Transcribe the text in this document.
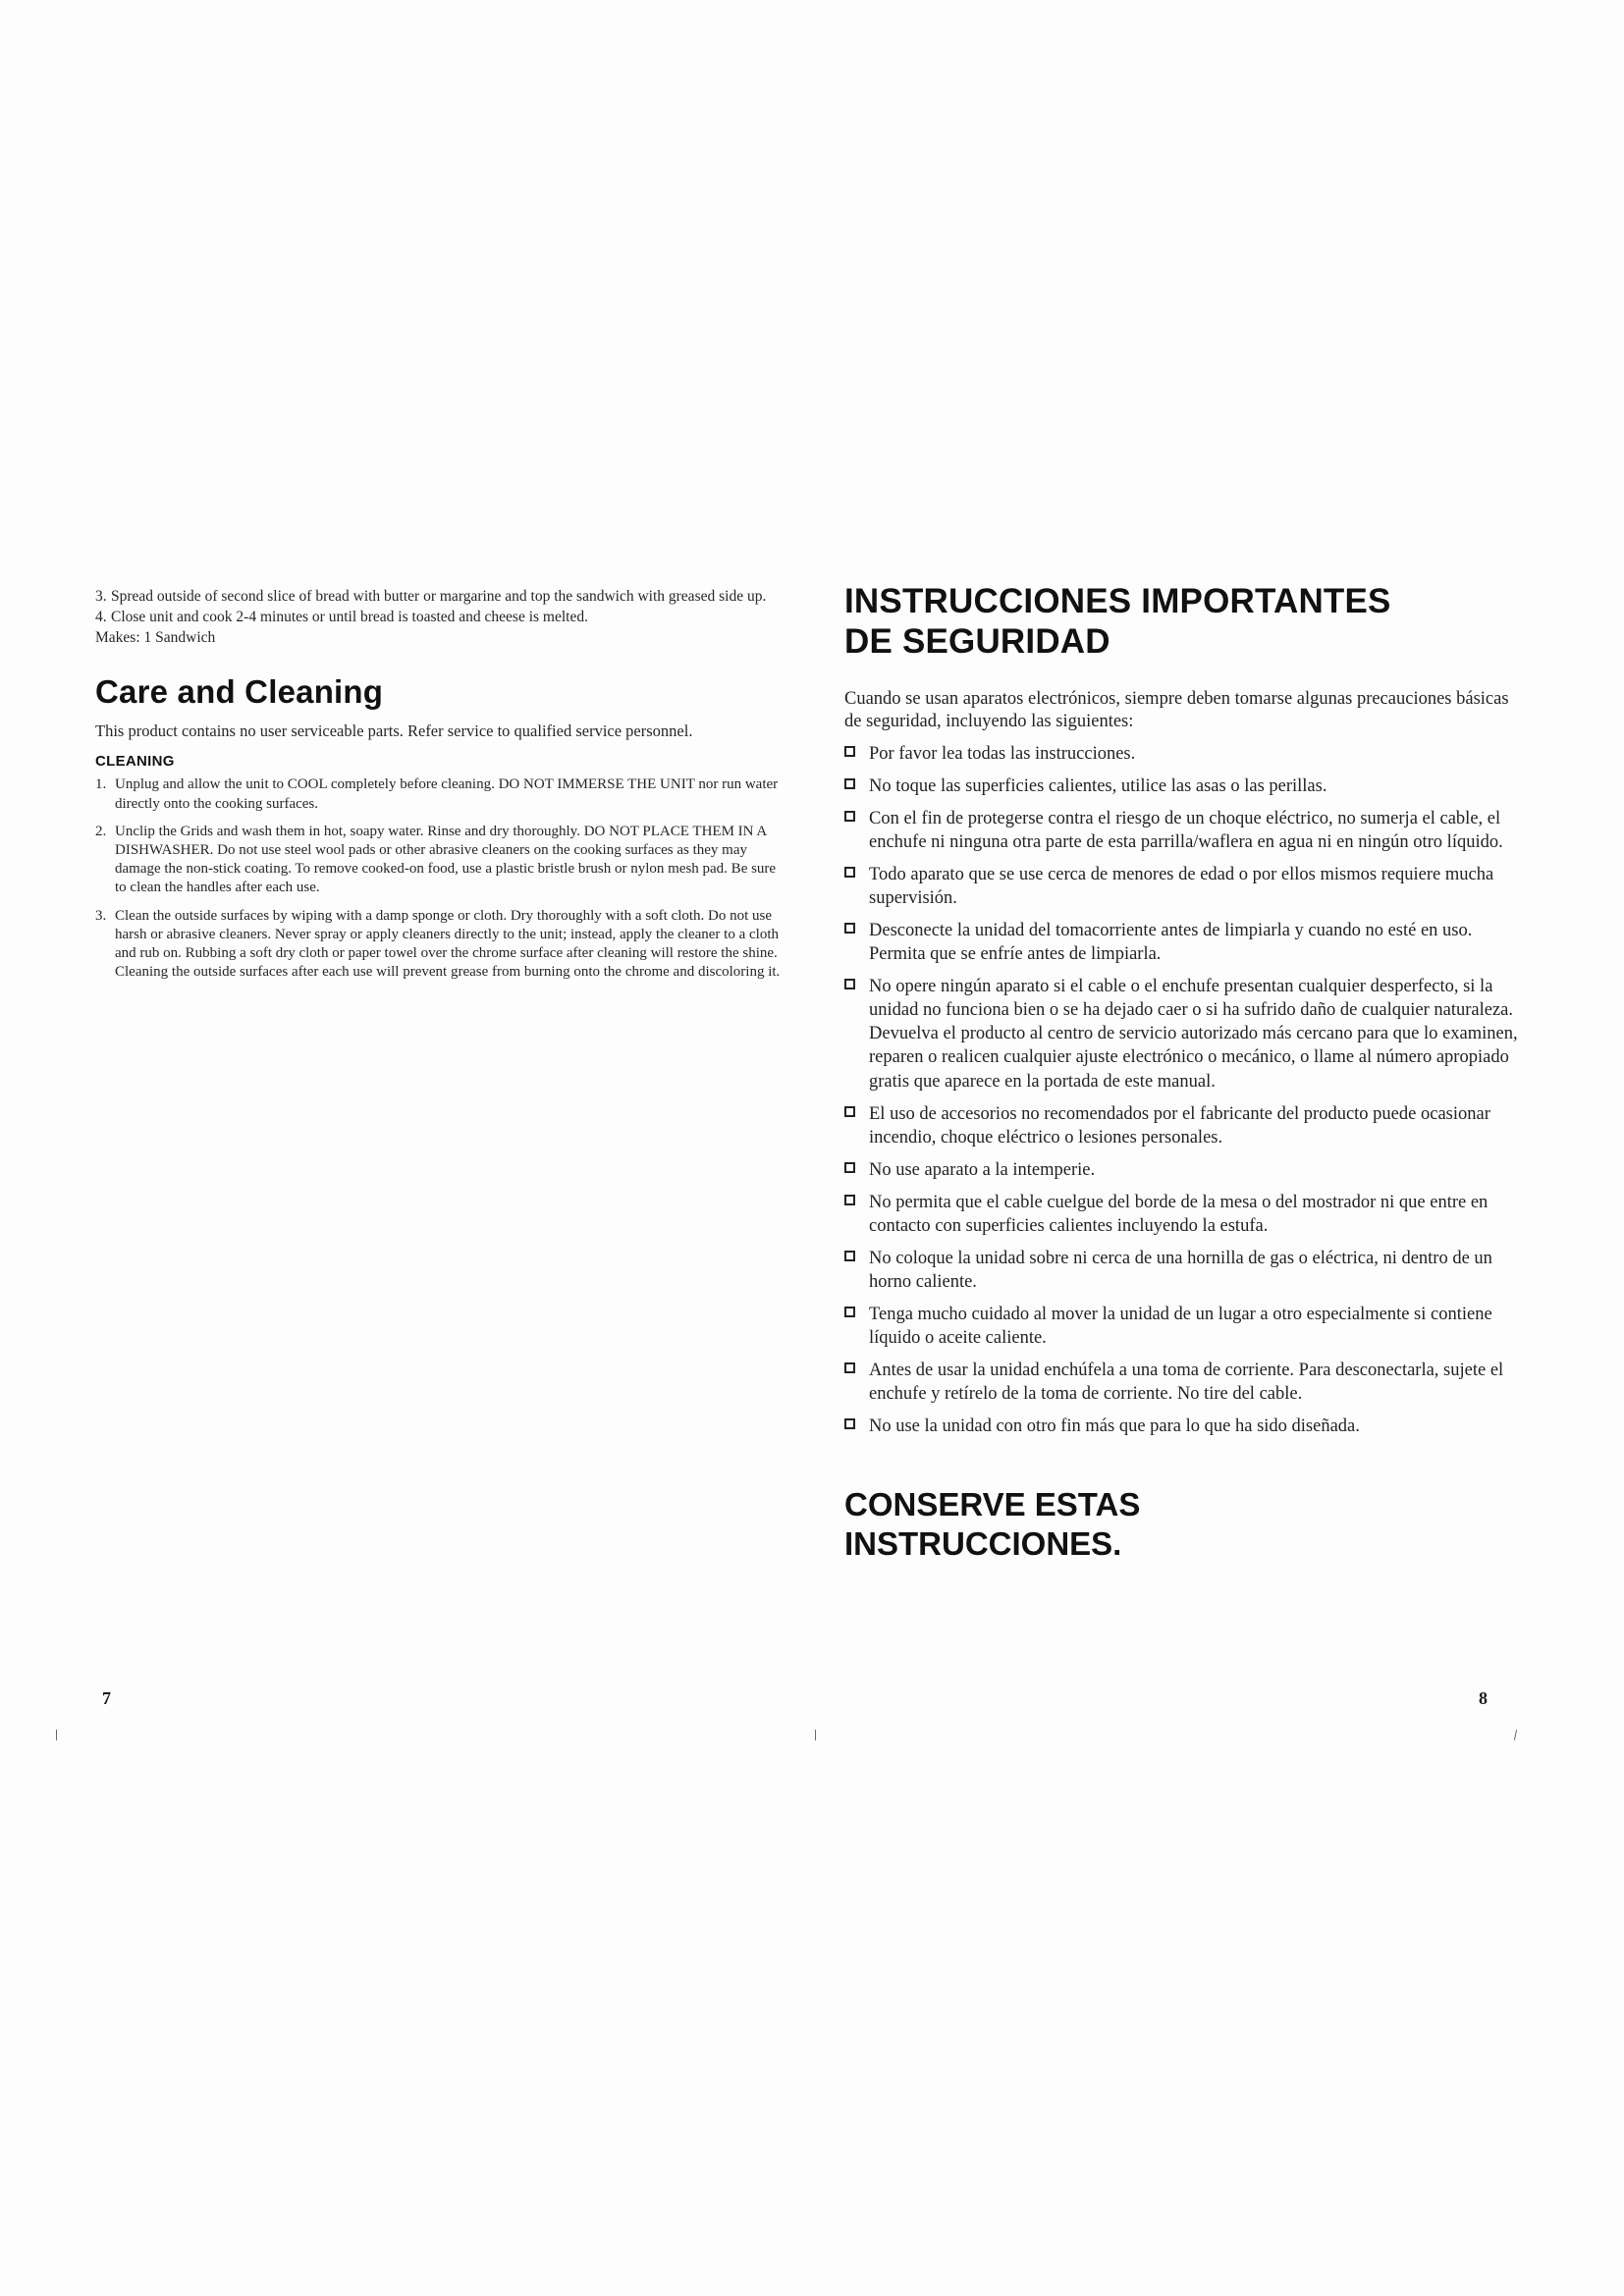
3. Spread outside of second slice of bread with butter or margarine and top the sandwich with greased side up.
4. Close unit and cook 2-4 minutes or until bread is toasted and cheese is melted.
Makes: 1 Sandwich
Care and Cleaning

This product contains no user serviceable parts. Refer service to qualified service personnel.

CLEANING
1. Unplug and allow the unit to COOL completely before cleaning. DO NOT IMMERSE THE UNIT nor run water directly onto the cooking surfaces.
2. Unclip the Grids and wash them in hot, soapy water. Rinse and dry thoroughly. DO NOT PLACE THEM IN A DISHWASHER. Do not use steel wool pads or other abrasive cleaners on the cooking surfaces as they may damage the non-stick coating. To remove cooked-on food, use a plastic bristle brush or nylon mesh pad. Be sure to clean the handles after each use.
3. Clean the outside surfaces by wiping with a damp sponge or cloth. Dry thoroughly with a soft cloth. Do not use harsh or abrasive cleaners. Never spray or apply cleaners directly to the unit; instead, apply the cleaner to a cloth and rub on. Rubbing a soft dry cloth or paper towel over the chrome surface after cleaning will restore the shine. Cleaning the outside surfaces after each use will prevent grease from burning onto the chrome and discoloring it.
INSTRUCCIONES IMPORTANTES
DE SEGURIDAD

Cuando se usan aparatos electrónicos, siempre deben tomarse algunas precauciones básicas de seguridad, incluyendo las siguientes:

Por favor lea todas las instrucciones.
No toque las superficies calientes, utilice las asas o las perillas.
Con el fin de protegerse contra el riesgo de un choque eléctrico, no sumerja el cable, el enchufe ni ninguna otra parte de esta parrilla/waflera en agua ni en ningún otro líquido.
Todo aparato que se use cerca de menores de edad o por ellos mismos requiere mucha supervisión.
Desconecte la unidad del tomacorriente antes de limpiarla y cuando no esté en uso. Permita que se enfríe antes de limpiarla.
No opere ningún aparato si el cable o el enchufe presentan cualquier desperfecto, si la unidad no funciona bien o se ha dejado caer o si ha sufrido daño de cualquier naturaleza. Devuelva el producto al centro de servicio autorizado más cercano para que lo examinen, reparen o realicen cualquier ajuste electrónico o mecánico, o llame al número apropiado gratis que aparece en la portada de este manual.
El uso de accesorios no recomendados por el fabricante del producto puede ocasionar incendio, choque eléctrico o lesiones personales.
No use aparato a la intemperie.
No permita que el cable cuelgue del borde de la mesa o del mostrador ni que entre en contacto con superficies calientes incluyendo la estufa.
No coloque la unidad sobre ni cerca de una hornilla de gas o eléctrica, ni dentro de un horno caliente.
Tenga mucho cuidado al mover la unidad de un lugar a otro especialmente si contiene líquido o aceite caliente.
Antes de usar la unidad enchúfela a una toma de corriente. Para desconectarla, sujete el enchufe y retírelo de la toma de corriente. No tire del cable.
No use la unidad con otro fin más que para lo que ha sido diseñada.
CONSERVE ESTAS
INSTRUCCIONES.
7	8
